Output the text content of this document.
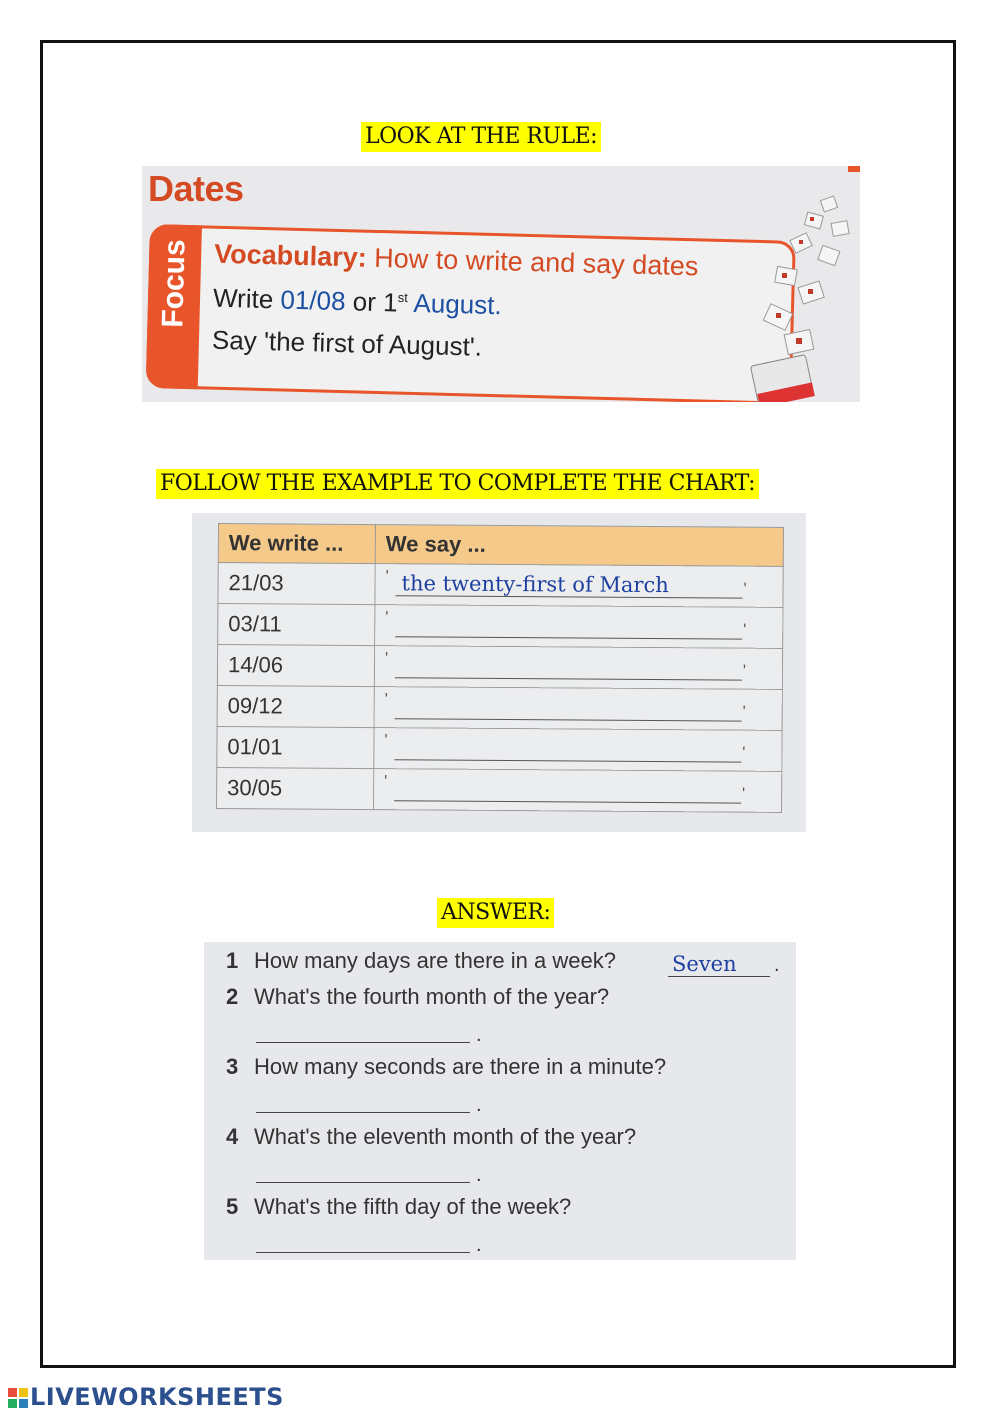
LOOK AT THE RULE:
Dates
Focus Vocabulary: How to write and say dates
Write 01/08 or 1st August.
Say 'the first of August'.
FOLLOW THE EXAMPLE TO COMPLETE THE CHART:
We write ...	We say ...
21/03	' the twenty-first of March '

03/11	'
'

14/06	'
'

09/12	'
'

01/01	'
'

30/05	'
'
ANSWER:
1 How many days are there in a week?	Seven .
2 What's the fourth month of the year?
.
3 How many seconds are there in a minute?
.
4 What's the eleventh month of the year?
.
5 What's the fifth day of the week?
.
LIVEWORKSHEETS
